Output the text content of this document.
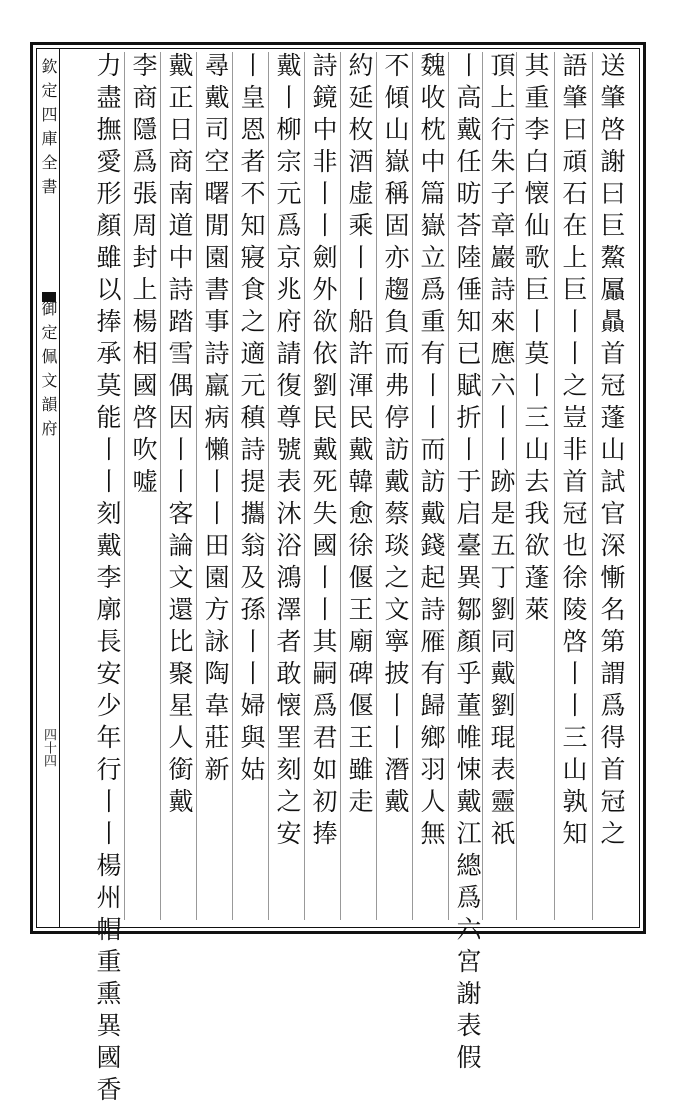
欽定四庫全書
御定佩文韻府
四十四	送肇啓謝曰巨鰲屭贔首冠蓬山試官深慚名第謂爲得首冠之
語肇曰頑石在上巨丨丨之豈非首冠也徐陵啓丨丨三山孰知
其重李白懐仙歌巨丨莫丨三山去我欲蓬萊
頂上行朱子章巖詩來應六丨丨跡是五丁劉同戴劉琨表靈祇
丨高戴任昉荅陸倕知已賦折丨于启臺異鄒顏乎董帷悚戴江總爲六宮謝表假
魏收枕中篇嶽立爲重有丨丨而訪戴錢起詩雁有歸鄉羽人無
不傾山嶽稱固亦趨負而弗停訪戴蔡琰之文寧披丨丨潛戴
約延枚酒虚乘丨丨船許渾民戴韓愈徐偃王廟碑偃王雖走
詩鏡中非丨丨劍外欲依劉民戴死失國丨丨其嗣爲君如初捧
戴丨柳宗元爲京兆府請復尊號表沐浴鴻澤者敢懐罣刻之安
丨皇恩者不知寢食之適元稹詩提攜翁及孫丨丨婦與姑
尋戴司空曙閒園書事詩羸病懶丨丨田園方詠陶韋莊新
戴正日商南道中詩踏雪偶因丨丨客論文還比聚星人銜戴
李商隱爲張周封上楊相國啓吹嘘
力盡撫愛形顏雖以捧承莫能丨丨刻戴李廓長安少年行丨丨楊州帽重熏異國香
